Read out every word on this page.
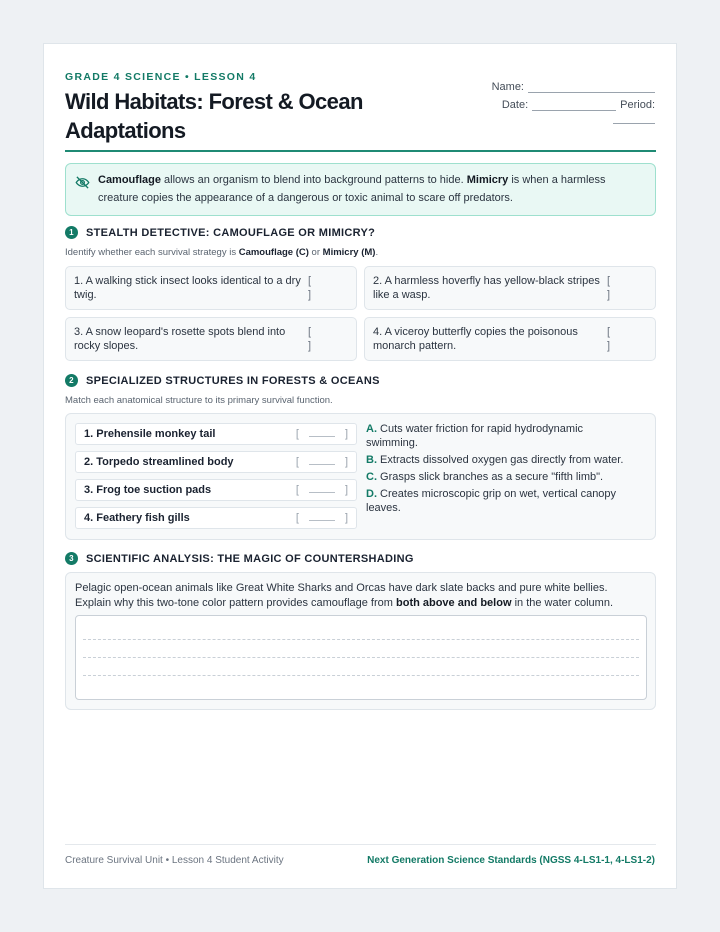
GRADE 4 SCIENCE • LESSON 4
Wild Habitats: Forest & Ocean Adaptations
Name:
Date:	Period:
Camouflage allows an organism to blend into background patterns to hide. Mimicry is when a harmless creature copies the appearance of a dangerous or toxic animal to scare off predators.
1	STEALTH DETECTIVE: CAMOUFLAGE OR MIMICRY?
Identify whether each survival strategy is Camouflage (C) or Mimicry (M).
1. A walking stick insect looks identical to a dry twig.
[ ]
2. A harmless hoverfly has yellow-black stripes like a wasp.
[ ]
3. A snow leopard's rosette spots blend into rocky slopes.
[ ]
4. A viceroy butterfly copies the poisonous monarch pattern.
[ ]
2	SPECIALIZED STRUCTURES IN FORESTS & OCEANS
Match each anatomical structure to its primary survival function.
1. Prehensile monkey tail	[	]
2. Torpedo streamlined body	[	]
3. Frog toe suction pads	[	]
4. Feathery fish gills	[	]

A. Cuts water friction for rapid hydrodynamic swimming.

B. Extracts dissolved oxygen gas directly from water.

C. Grasps slick branches as a secure "fifth limb".

D. Creates microscopic grip on wet, vertical canopy leaves.

3	SCIENTIFIC ANALYSIS: THE MAGIC OF COUNTERSHADING
Pelagic open-ocean animals like Great White Sharks and Orcas have dark slate backs and pure white bellies. Explain why this two-tone color pattern provides camouflage from both above and below in the water column.
Creature Survival Unit • Lesson 4 Student Activity	Next Generation Science Standards (NGSS 4-LS1-1, 4-LS1-2)
